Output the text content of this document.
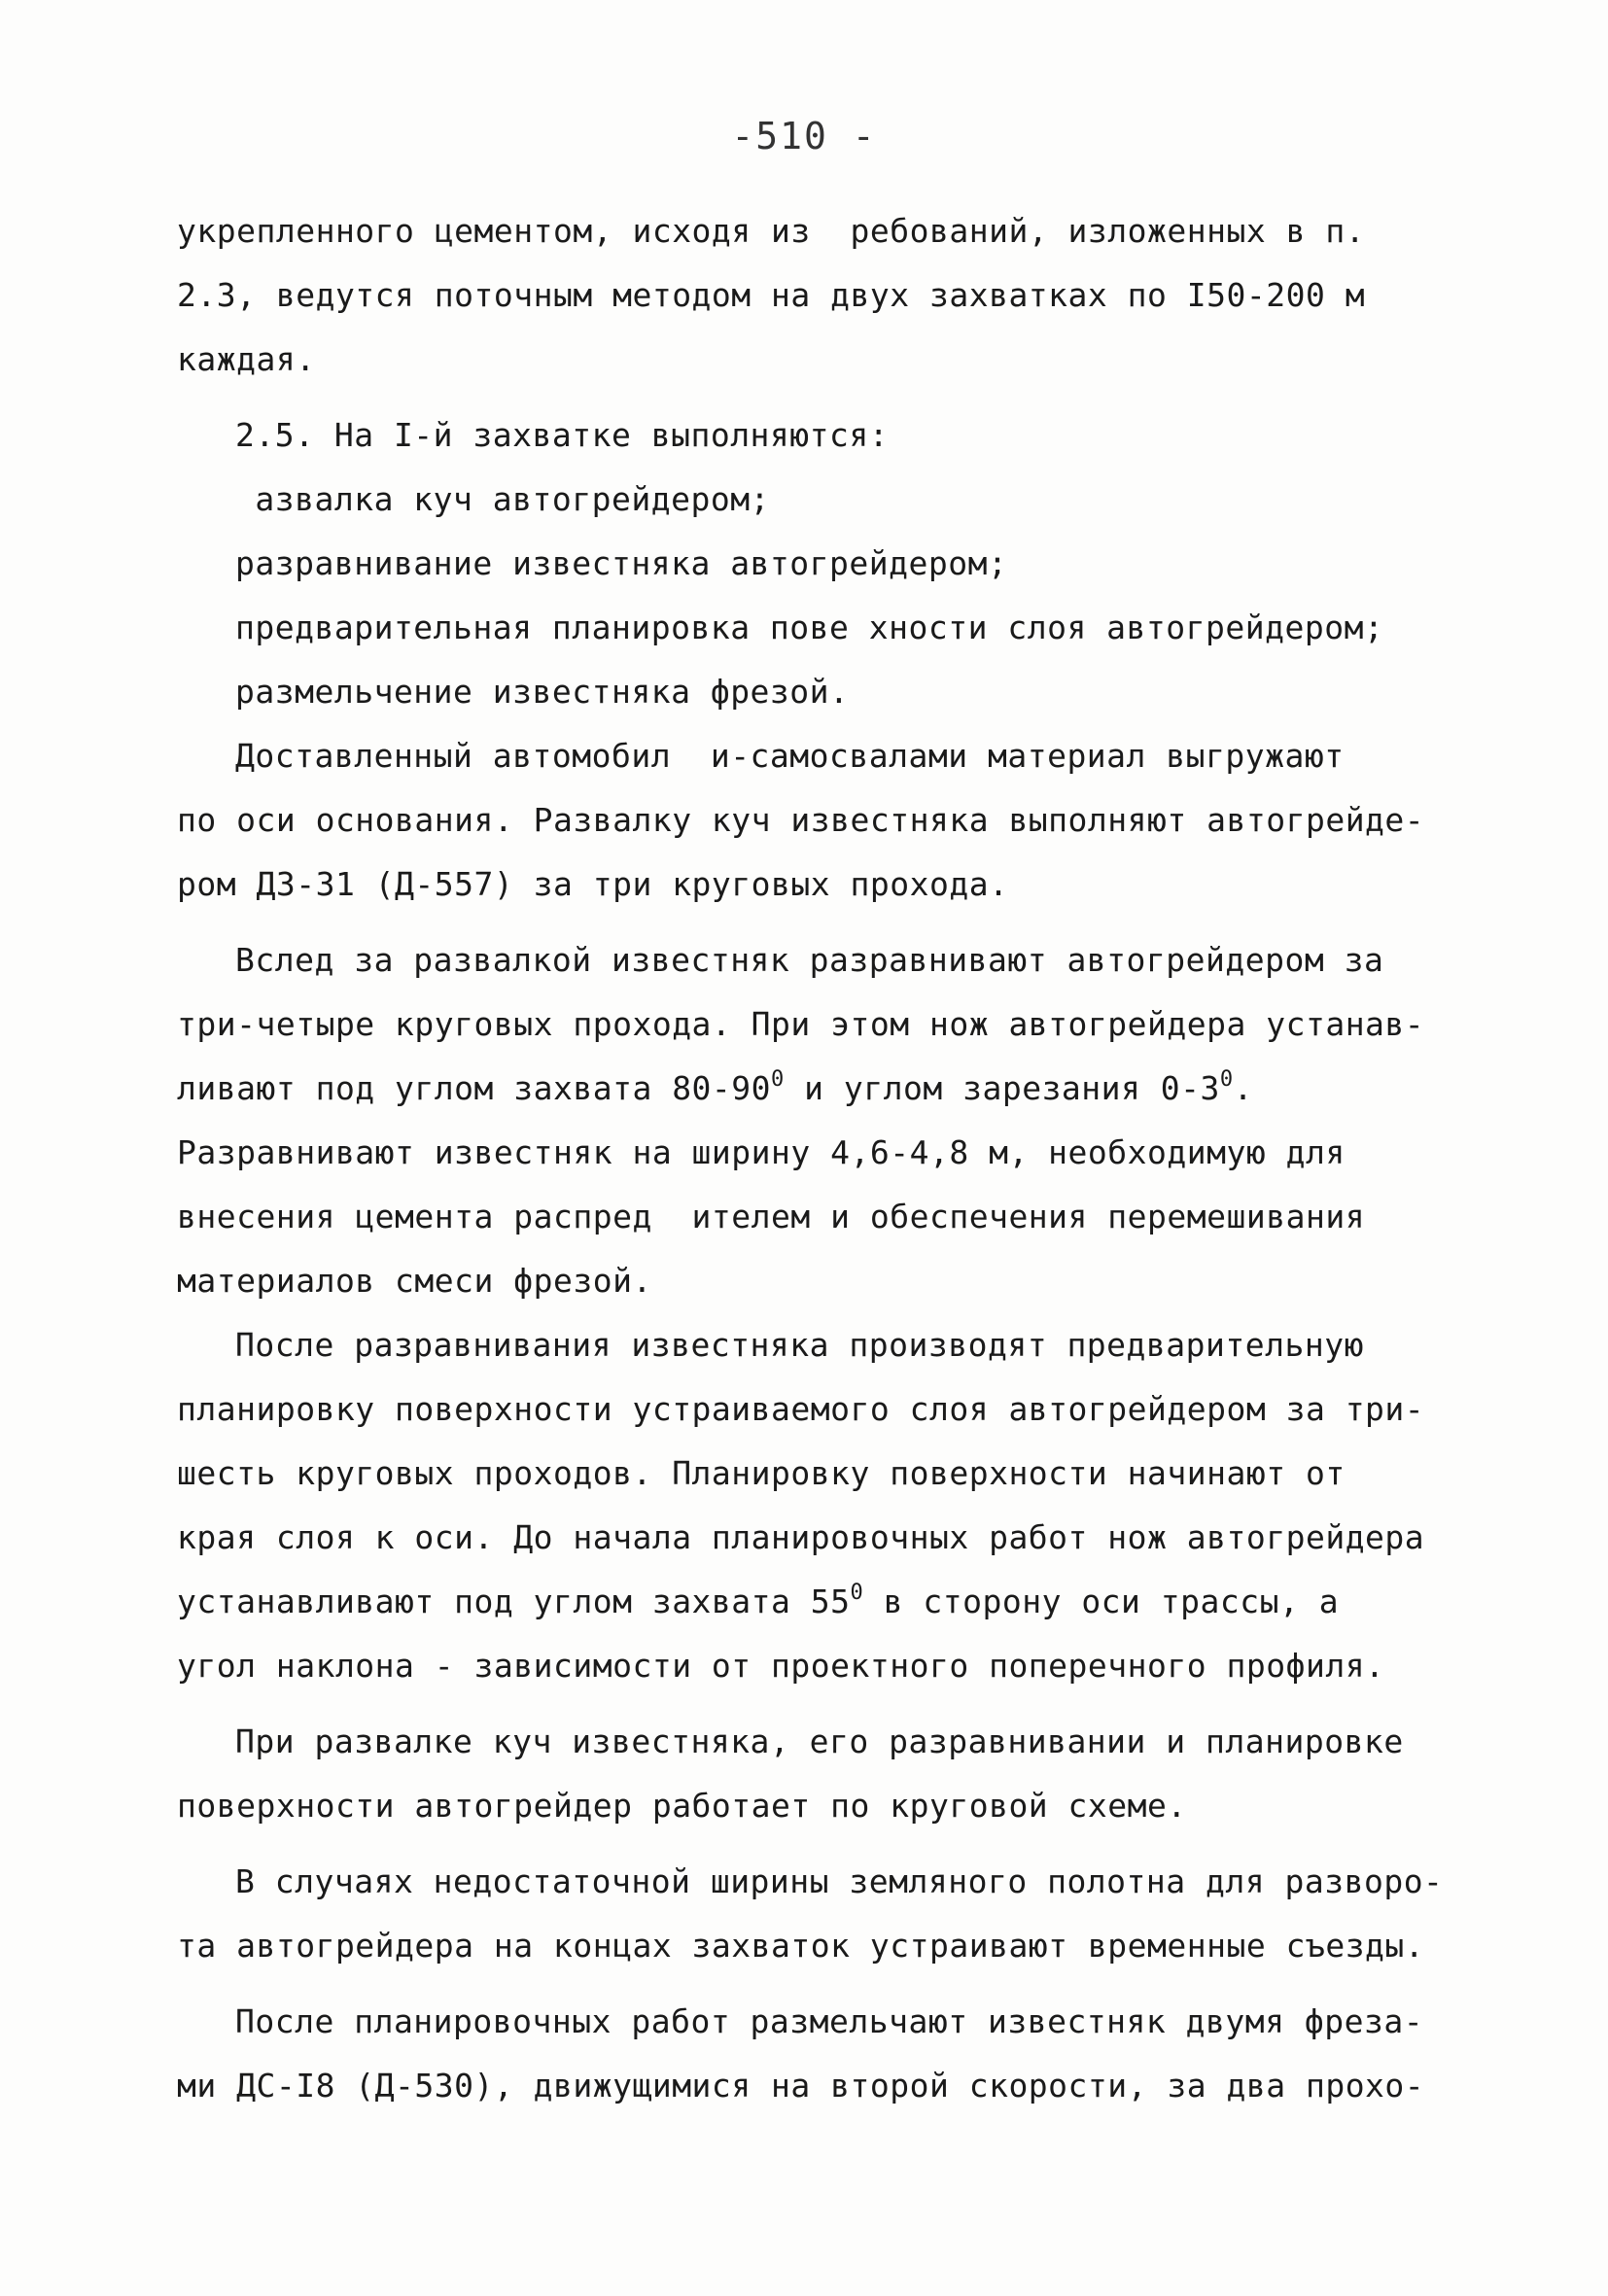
-510 -
укрепленного цементом, исходя из  ребований, изложенных в п.
2.3, ведутся поточным методом на двух захватках по I50-200 м
каждая.
2.5. На I-й захватке выполняются:
азвалка куч автогрейдером;
разравнивание известняка автогрейдером;
предварительная планировка пове хности слоя автогрейдером;
размельчение известняка фрезой.
Доставленный автомобил  и-самосвалами материал выгружают
по оси основания. Развалку куч известняка выполняют автогрейде-
ром ДЗ-31 (Д-557) за три круговых прохода.
Вслед за развалкой известняк разравнивают автогрейдером за
три-четыре круговых прохода. При этом нож автогрейдера устанав-
ливают под углом захвата $80-90^0$ и углом зарезания $0-3^0$.
Разравнивают известняк на ширину 4,6-4,8 м, необходимую для
внесения цемента распред  ителем и обеспечения перемешивания
материалов смеси фрезой.
После разравнивания известняка производят предварительную
планировку поверхности устраиваемого слоя автогрейдером за три-
шесть круговых проходов. Планировку поверхности начинают от
края слоя к оси. До начала планировочных работ нож автогрейдера
устанавливают под углом захвата $55^0$ в сторону оси трассы, а
угол наклона - зависимости от проектного поперечного профиля.
При развалке куч известняка, его разравнивании и планировке
поверхности автогрейдер работает по круговой схеме.
В случаях недостаточной ширины земляного полотна для разворо-
та автогрейдера на концах захваток устраивают временные съезды.
После планировочных работ размельчают известняк двумя фреза-
ми ДС-I8 (Д-530), движущимися на второй скорости, за два прохо-
